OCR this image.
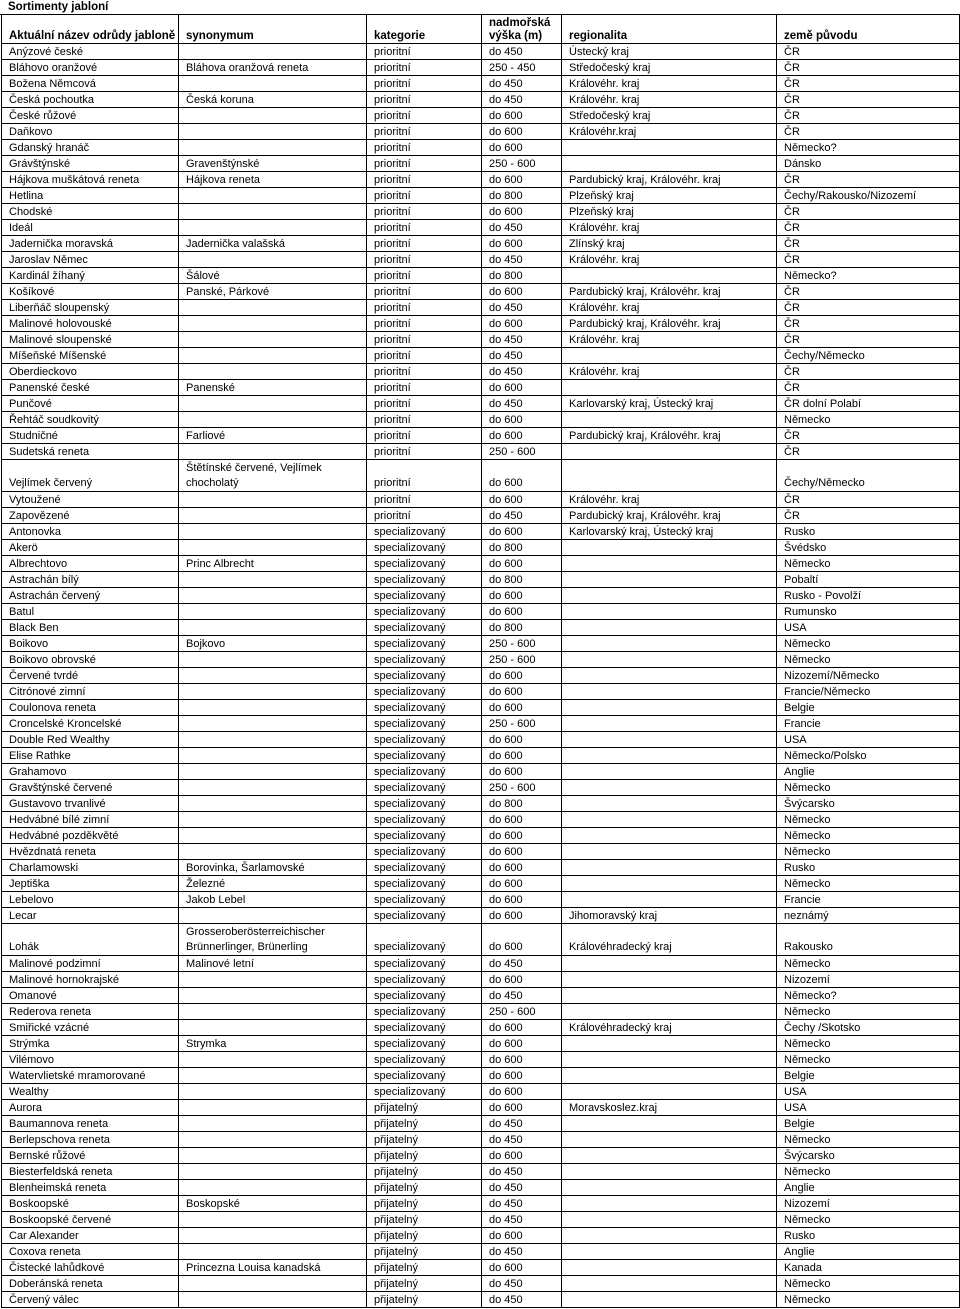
Sortimenty jabloní
Aktuální název odrůdy jabloně	synonymum	kategorie	nadmořská výška (m)	regionalita	země původu
Anýzové české		prioritní	do 450	Ústecký kraj	ČR
Bláhovo oranžové	Bláhova oranžová reneta	prioritní	250 - 450	Středočeský kraj	ČR
Božena Němcová		prioritní	do 450	Královéhr. kraj	ČR
Česká pochoutka	Česká koruna	prioritní	do 450	Královéhr. kraj	ČR
České růžové		prioritní	do 600	Středočeský kraj	ČR
Daňkovo		prioritní	do 600	Královéhr.kraj	ČR
Gdanský hranáč		prioritní	do 600		Německo?
Grávštýnské	Gravenštýnské	prioritní	250 - 600		Dánsko
Hájkova muškátová reneta	Hájkova reneta	prioritní	do 600	Pardubický kraj, Královéhr. kraj	ČR
Hetlina		prioritní	do 800	Plzeňský kraj	Čechy/Rakousko/Nizozemí
Chodské		prioritní	do 600	Plzeňský kraj	ČR
Ideál		prioritní	do 450	Královéhr. kraj	ČR
Jadernička moravská	Jadernička valašská	prioritní	do 600	Zlínský kraj	ČR
Jaroslav Němec		prioritní	do 450	Královéhr. kraj	ČR
Kardinál žíhaný	Šálové	prioritní	do 800		Německo?
Košíkové	Panské, Párkové	prioritní	do 600	Pardubický kraj, Královéhr. kraj	ČR
Liberňáč sloupenský		prioritní	do 450	Královéhr. kraj	ČR
Malinové holovouské		prioritní	do 600	Pardubický kraj, Královéhr. kraj	ČR
Malinové sloupenské		prioritní	do 450	Královéhr. kraj	ČR
Míšeňské Míšenské		prioritní	do 450		Čechy/Německo
Oberdieckovo		prioritní	do 450	Královéhr. kraj	ČR
Panenské české	Panenské	prioritní	do 600		ČR
Punčové		prioritní	do 450	Karlovarský kraj, Ústecký kraj	ČR dolní Polabí
Řehtáč soudkovitý		prioritní	do 600		Německo
Studničné	Farliové	prioritní	do 600	Pardubický kraj, Královéhr. kraj	ČR
Sudetská reneta		prioritní	250 - 600		ČR
Vejlímek červený	Štětínské červené, Vejlímek chocholatý	prioritní	do 600		Čechy/Německo
Vytoužené		prioritní	do 600	Královéhr. kraj	ČR
Zapovězené		prioritní	do 450	Pardubický kraj, Královéhr. kraj	ČR
Antonovka		specializovaný	do 600	Karlovarský kraj, Ústecký kraj	Rusko
Akerö		specializovaný	do 800		Švédsko
Albrechtovo	Princ Albrecht	specializovaný	do 600		Německo
Astrachán bílý		specializovaný	do 800		Pobaltí
Astrachán červený		specializovaný	do 600		Rusko - Povolží
Batul		specializovaný	do 600		Rumunsko
Black Ben		specializovaný	do 800		USA
Boikovo	Bojkovo	specializovaný	250 - 600		Německo
Boikovo obrovské		specializovaný	250 - 600		Německo
Červené tvrdé		specializovaný	do 600		Nizozemí/Německo
Citrónové zimní		specializovaný	do 600		Francie/Německo
Coulonova reneta		specializovaný	do 600		Belgie
Croncelské Kroncelské		specializovaný	250 - 600		Francie
Double Red Wealthy		specializovaný	do 600		USA
Elise Rathke		specializovaný	do 600		Německo/Polsko
Grahamovo		specializovaný	do 600		Anglie
Gravštýnské červené		specializovaný	250 - 600		Německo
Gustavovo trvanlivé		specializovaný	do 800		Švýcarsko
Hedvábné bílé zimní		specializovaný	do 600		Německo
Hedvábné pozděkvěté		specializovaný	do 600		Německo
Hvězdnatá reneta		specializovaný	do 600		Německo
Charlamowski	Borovinka, Šarlamovské	specializovaný	do 600		Rusko
Jeptiška	Železné	specializovaný	do 600		Německo
Lebelovo	Jakob Lebel	specializovaný	do 600		Francie
Lecar		specializovaný	do 600	Jihomoravský kraj	neznámý
Lohák	Grosseroberösterreichischer Brünnerlinger, Brünerling	specializovaný	do 600	Královéhradecký kraj	Rakousko
Malinové podzimní	Malinové letní	specializovaný	do 450		Německo
Malinové hornokrajské		specializovaný	do 600		Nizozemí
Omanové		specializovaný	do 450		Německo?
Rederova reneta		specializovaný	250 - 600		Německo
Smiřické vzácné		specializovaný	do 600	Královéhradecký kraj	Čechy /Skotsko
Strýmka	Strymka	specializovaný	do 600		Německo
Vilémovo		specializovaný	do 600		Německo
Watervlietské mramorované		specializovaný	do 600		Belgie
Wealthy		specializovaný	do 600		USA
Aurora		přijatelný	do 600	Moravskoslez.kraj	USA
Baumannova reneta		přijatelný	do 450		Belgie
Berlepschova reneta		přijatelný	do 450		Německo
Bernské růžové		přijatelný	do 600		Švýcarsko
Biesterfeldská reneta		přijatelný	do 450		Německo
Blenheimská reneta		přijatelný	do 450		Anglie
Boskoopské	Boskopské	přijatelný	do 450		Nizozemí
Boskoopské červené		přijatelný	do 450		Německo
Car Alexander		přijatelný	do 600		Rusko
Coxova reneta		přijatelný	do 450		Anglie
Čistecké lahůdkové	Princezna Louisa kanadská	přijatelný	do 600		Kanada
Doberánská reneta		přijatelný	do 450		Německo
Červený válec		přijatelný	do 450		Německo
